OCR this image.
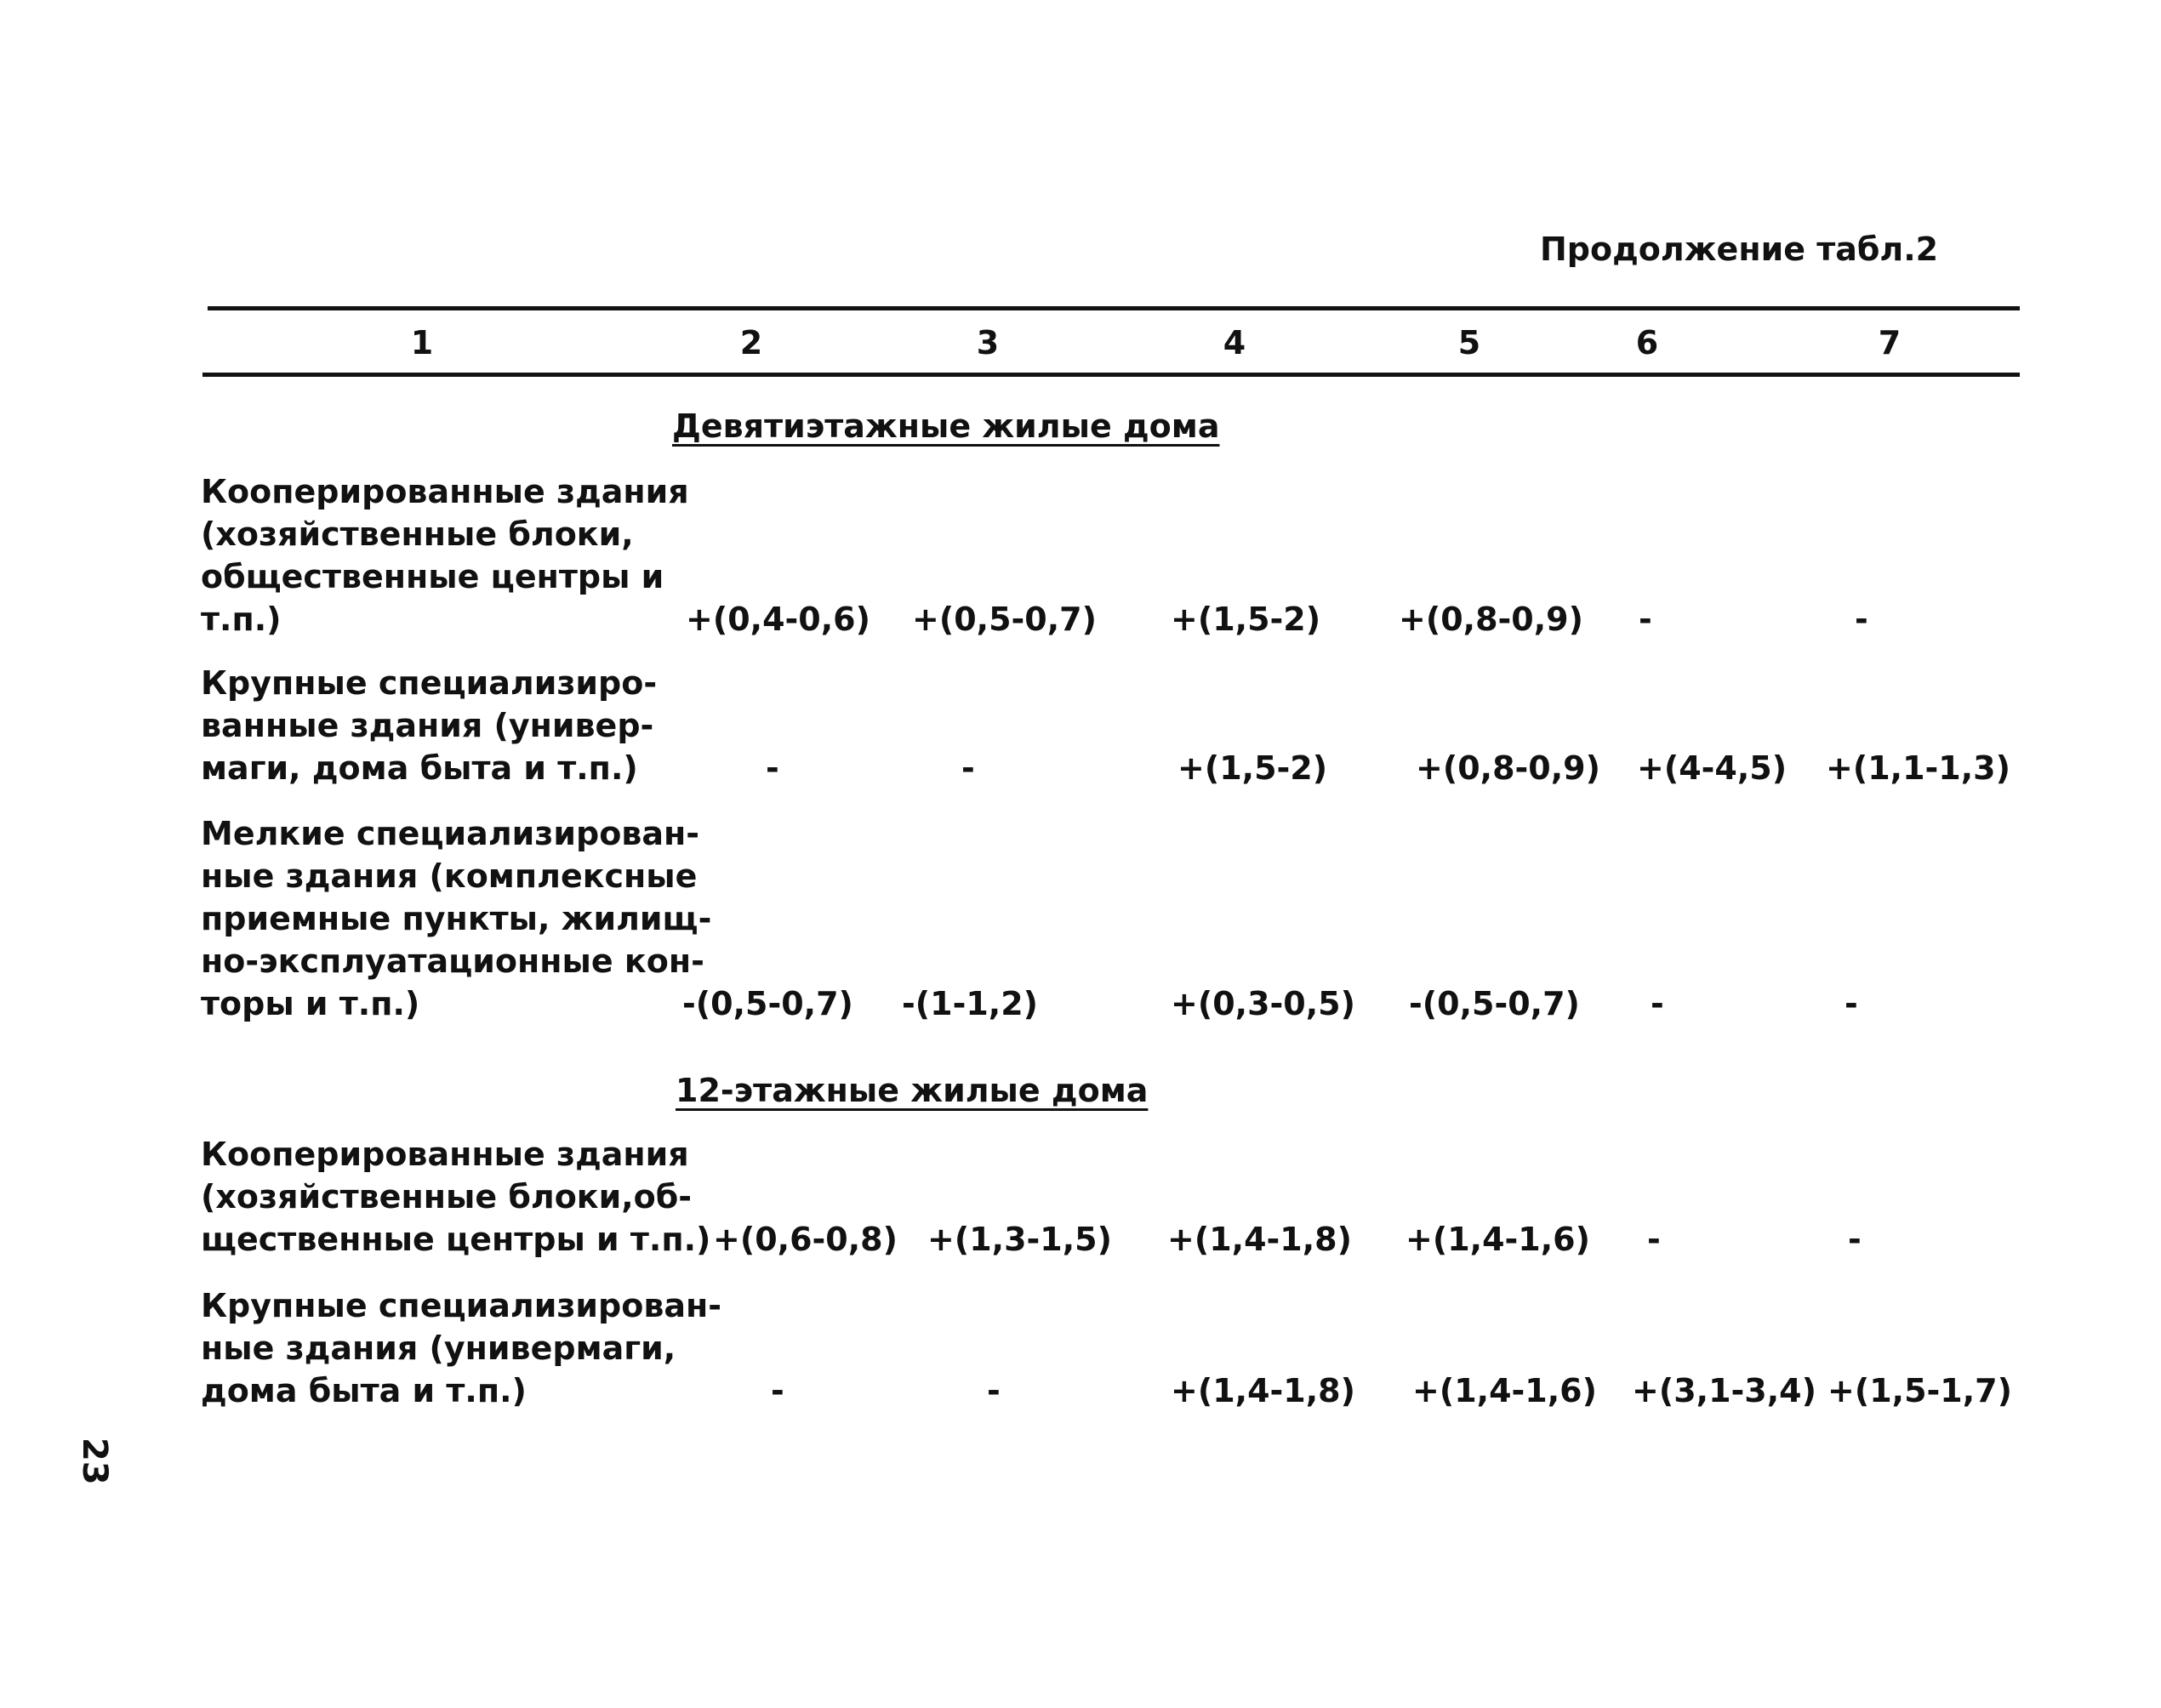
Продолжение табл.2
1	2	3	4	5	6	7
Девятиэтажные жилые дома
Кооперированные здания
(хозяйственные блоки,
общественные центры и
т.п.)	+(0,4-0,6) +(0,5-0,7) +(1,5-2) +(0,8-0,9) -	-
Крупные специализиро-
ванные здания (универ-
маги, дома быта и т.п.)	-	-	+(1,5-2)	+(0,8-0,9) +(4-4,5) +(1,1-1,3)
Мелкие специализирован-
ные здания (комплексные
приемные пункты, жилищ-
но-эксплуатационные кон-
торы и т.п.)	-(0,5-0,7) -(1-1,2)	+(0,3-0,5) -(0,5-0,7) -	-
12-этажные жилые дома
Кооперированные здания
(хозяйственные блоки,об-
щественные центры и т.п.) +(0,6-0,8) +(1,3-1,5) +(1,4-1,8) +(1,4-1,6) -	-
Крупные специализирован-
ные здания (универмаги,
дома быта и т.п.)	-	-	+(1,4-1,8) +(1,4-1,6) +(3,1-3,4) +(1,5-1,7)
23
